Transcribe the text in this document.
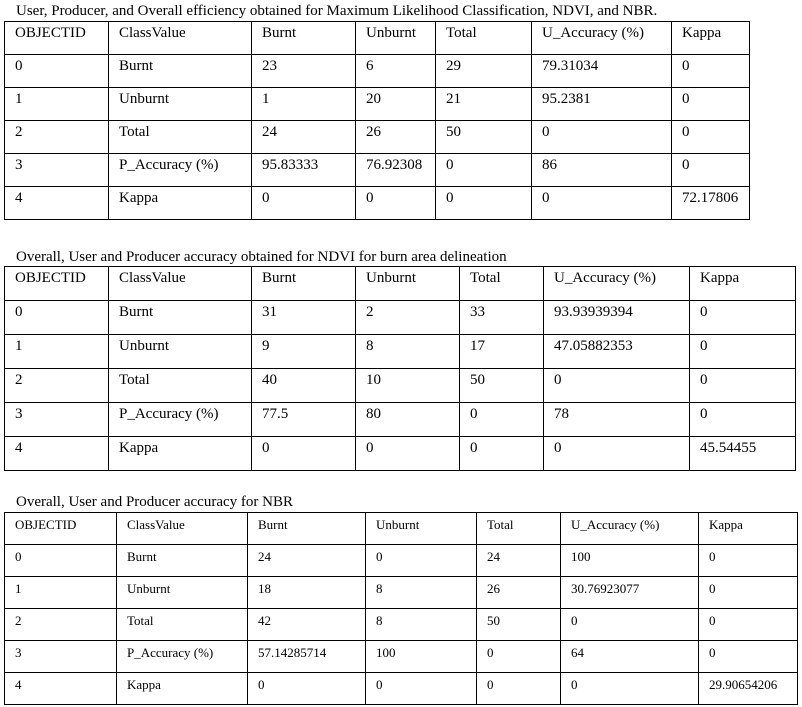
User, Producer, and Overall efficiency obtained for Maximum Likelihood Classification, NDVI, and NBR.
OBJECTID	ClassValue	Burnt	Unburnt	Total	U_Accuracy (%)	Kappa
0	Burnt	23	6	29	79.31034	0
1	Unburnt	1	20	21	95.2381	0
2	Total	24	26	50	0	0
3	P_Accuracy (%)	95.83333	76.92308	0	86	0
4	Kappa	0	0	0	0	72.17806
Overall, User and Producer accuracy obtained for NDVI for burn area delineation
OBJECTID	ClassValue	Burnt	Unburnt	Total	U_Accuracy (%)	Kappa
0	Burnt	31	2	33	93.93939394	0
1	Unburnt	9	8	17	47.05882353	0
2	Total	40	10	50	0	0
3	P_Accuracy (%)	77.5	80	0	78	0
4	Kappa	0	0	0	0	45.54455
Overall, User and Producer accuracy for NBR
OBJECTID	ClassValue	Burnt	Unburnt	Total	U_Accuracy (%)	Kappa
0	Burnt	24	0	24	100	0
1	Unburnt	18	8	26	30.76923077	0
2	Total	42	8	50	0	0
3	P_Accuracy (%)	57.14285714	100	0	64	0
4	Kappa	0	0	0	0	29.90654206
